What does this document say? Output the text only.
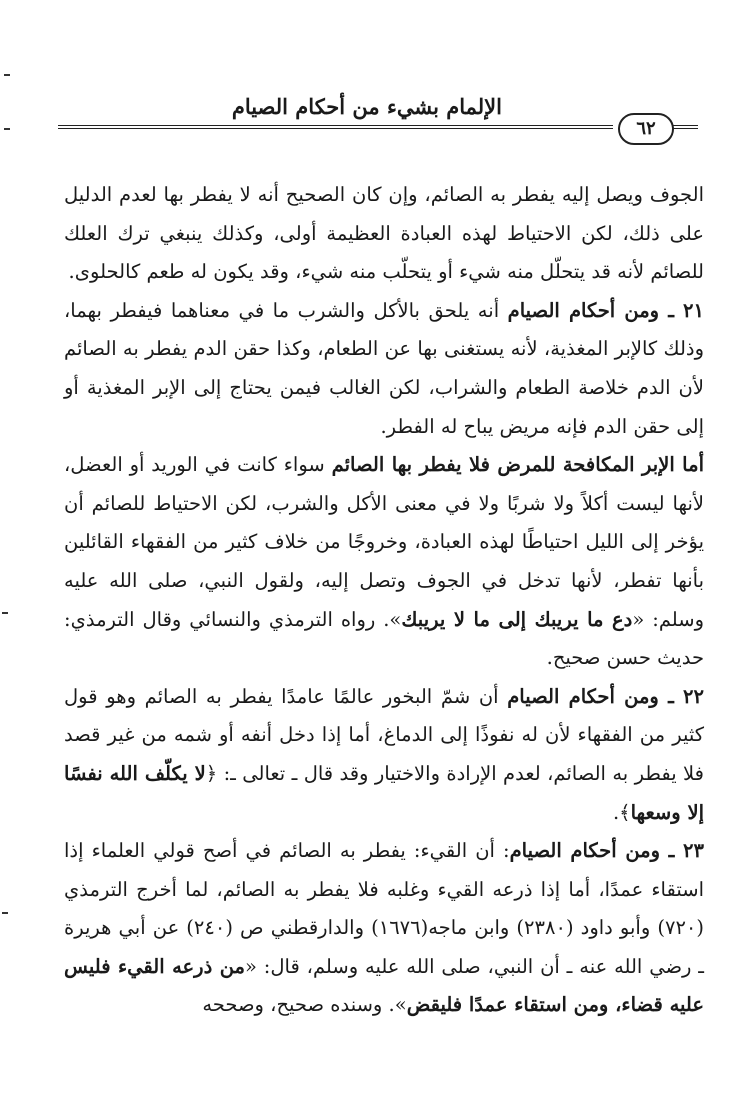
الإلمام بشيء من أحكام الصيام
٦٢

الجوف ويصل إليه يفطر به الصائم، وإن كان الصحيح أنه لا يفطر بها لعدم الدليل على ذلك، لكن الاحتياط لهذه العبادة العظيمة أولى، وكذلك ينبغي ترك العلك للصائم لأنه قد يتحلّل منه شيء أو يتحلّب منه شيء، وقد يكون له طعم كالحلوى.

٢١ ـ ومن أحكام الصيام أنه يلحق بالأكل والشرب ما في معناهما فيفطر بهما، وذلك كالإبر المغذية، لأنه يستغنى بها عن الطعام، وكذا حقن الدم يفطر به الصائم لأن الدم خلاصة الطعام والشراب، لكن الغالب فيمن يحتاج إلى الإبر المغذية أو إلى حقن الدم فإنه مريض يباح له الفطر.

أما الإبر المكافحة للمرض فلا يفطر بها الصائم سواء كانت في الوريد أو العضل، لأنها ليست أكلاً ولا شربًا ولا في معنى الأكل والشرب، لكن الاحتياط للصائم أن يؤخر إلى الليل احتياطًا لهذه العبادة، وخروجًا من خلاف كثير من الفقهاء القائلين بأنها تفطر، لأنها تدخل في الجوف وتصل إليه، ولقول النبي، صلى الله عليه وسلم: «دع ما يريبك إلى ما لا يريبك». رواه الترمذي والنسائي وقال الترمذي: حديث حسن صحيح.

٢٢ ـ ومن أحكام الصيام أن شمّ البخور عالمًا عامدًا يفطر به الصائم وهو قول كثير من الفقهاء لأن له نفوذًا إلى الدماغ، أما إذا دخل أنفه أو شمه من غير قصد فلا يفطر به الصائم، لعدم الإرادة والاختيار وقد قال ـ تعالى ـ: ﴿لا يكلّف الله نفسًا إلا وسعها﴾.

٢٣ ـ ومن أحكام الصيام: أن القيء: يفطر به الصائم في أصح قولي العلماء إذا استقاء عمدًا، أما إذا ذرعه القيء وغلبه فلا يفطر به الصائم، لما أخرج الترمذي (٧٢٠) وأبو داود (٢٣٨٠) وابن ماجه(١٦٧٦) والدارقطني ص (٢٤٠) عن أبي هريرة ـ رضي الله عنه ـ أن النبي، صلى الله عليه وسلم، قال: «من ذرعه القيء فليس عليه قضاء، ومن استقاء عمدًا فليقض». وسنده صحيح، وصححه
